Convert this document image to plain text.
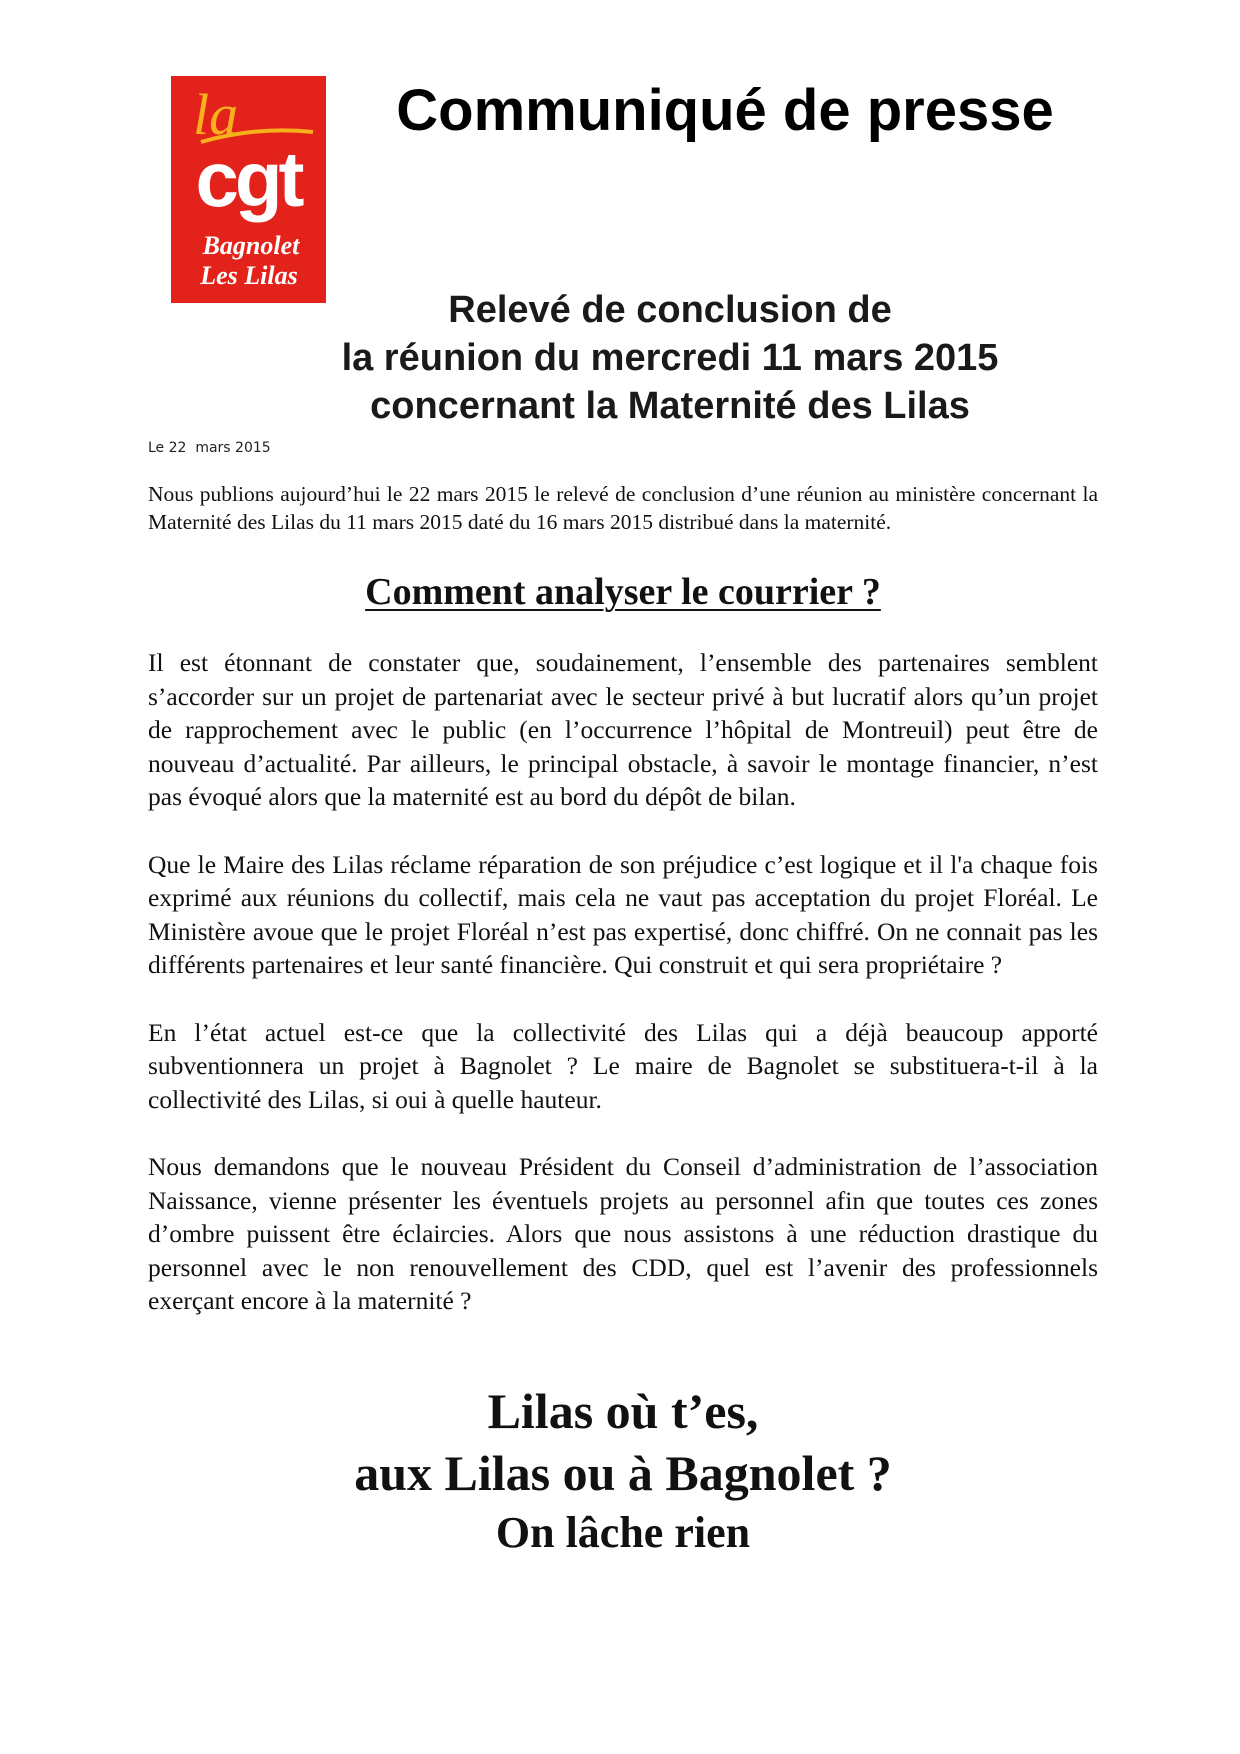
la
cgt
Bagnolet
Les Lilas
Communiqué de presse
Relevé de conclusion de
la réunion du mercredi 11 mars 2015
concernant la Maternité des Lilas
Le 22  mars 2015
Nous publions aujourd’hui le 22 mars 2015 le relevé de conclusion d’une réunion au ministère concernant la Maternité des Lilas du 11 mars 2015 daté du 16 mars 2015 distribué dans la maternité.
Comment analyser le courrier ?

Il est étonnant de constater que, soudainement, l’ensemble des partenaires semblent s’accorder sur un projet de partenariat avec le secteur privé à but lucratif alors qu’un projet de rapprochement avec le public (en l’occurrence l’hôpital de Montreuil) peut être de nouveau d’actualité. Par ailleurs, le principal obstacle, à savoir le montage financier, n’est pas évoqué alors que la maternité est au bord du dépôt de bilan.

Que le Maire des Lilas réclame réparation de son préjudice c’est logique et il l'a chaque fois exprimé aux réunions du collectif, mais cela ne vaut pas acceptation du projet Floréal. Le Ministère avoue que le projet Floréal n’est pas expertisé, donc chiffré. On ne connait pas les différents partenaires et leur santé financière. Qui construit et qui sera propriétaire ?

En l’état actuel est-ce que la collectivité des Lilas qui a déjà beaucoup apporté subventionnera un projet à Bagnolet ? Le maire de Bagnolet se substituera-t-il à la collectivité des Lilas, si oui à quelle hauteur.

Nous demandons que le nouveau Président du Conseil d’administration de l’association Naissance, vienne présenter les éventuels projets au personnel afin que toutes ces zones d’ombre puissent être éclaircies. Alors que nous assistons à une réduction drastique du personnel avec le non renouvellement des CDD, quel est l’avenir des professionnels exerçant encore à la maternité ?

Lilas où t’es,
aux Lilas ou à Bagnolet ?
On lâche rien
